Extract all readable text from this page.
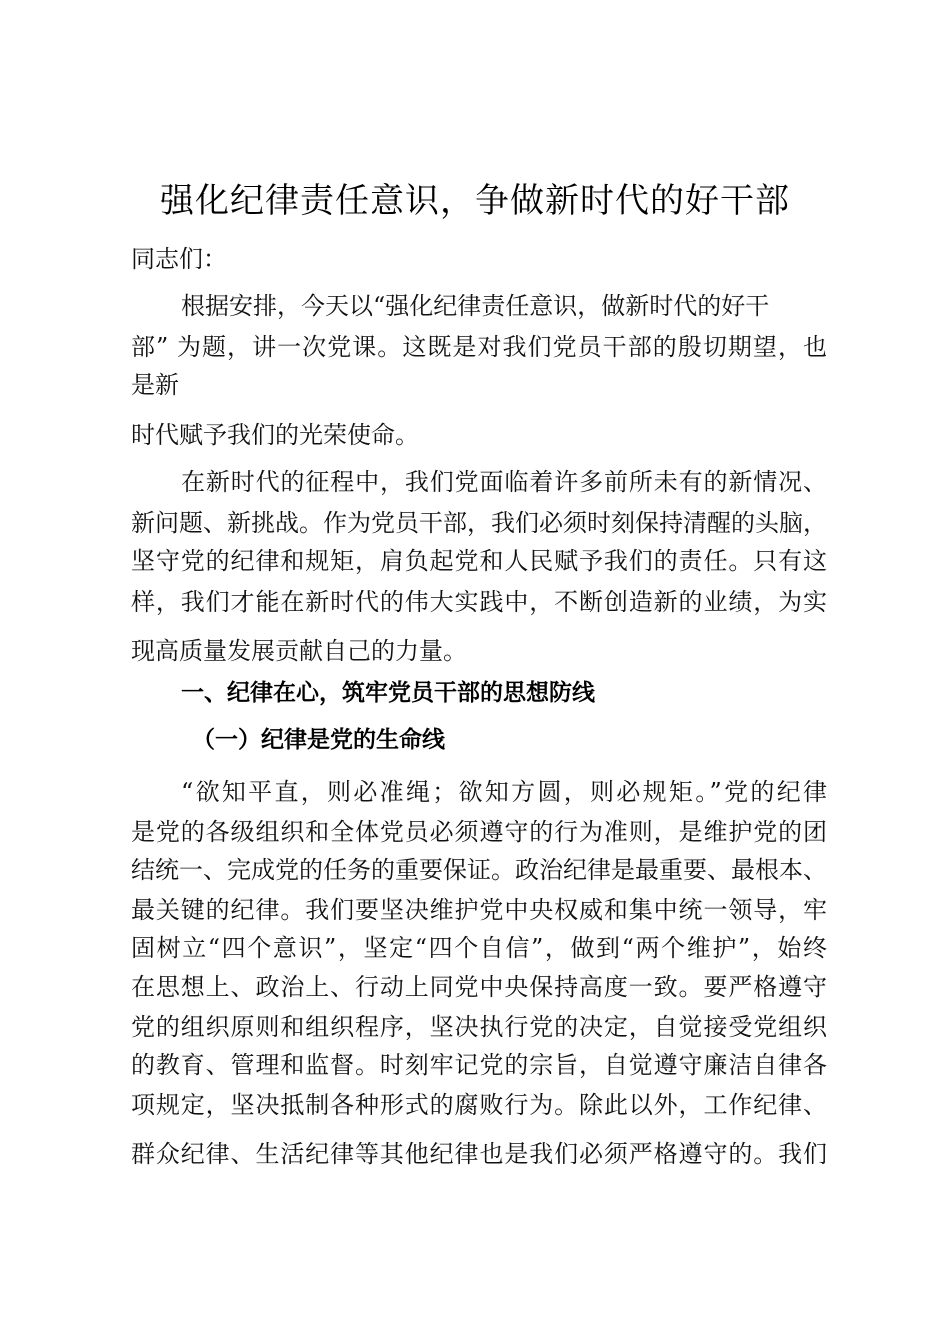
强化纪律责任意识，争做新时代的好干部
同志们：
根据安排，今天以“强化纪律责任意识，做新时代的好干
部” 为题，讲一次党课。这既是对我们党员干部的殷切期望，也
是新
时代赋予我们的光荣使命。
在新时代的征程中，我们党面临着许多前所未有的新情况、
新问题、新挑战。作为党员干部，我们必须时刻保持清醒的头脑，
坚守党的纪律和规矩，肩负起党和人民赋予我们的责任。只有这
样，我们才能在新时代的伟大实践中，不断创造新的业绩，为实
现高质量发展贡献自己的力量。
一、纪律在心，筑牢党员干部的思想防线
（一）纪律是党的生命线
“欲知平直，则必准绳；欲知方圆，则必规矩。”党的纪律
是党的各级组织和全体党员必须遵守的行为准则，是维护党的团
结统一、完成党的任务的重要保证。政治纪律是最重要、最根本、
最关键的纪律。我们要坚决维护党中央权威和集中统一领导，牢
固树立“四个意识”，坚定“四个自信”，做到“两个维护”，始终
在思想上、政治上、行动上同党中央保持高度一致。要严格遵守
党的组织原则和组织程序，坚决执行党的决定，自觉接受党组织
的教育、管理和监督。时刻牢记党的宗旨，自觉遵守廉洁自律各
项规定，坚决抵制各种形式的腐败行为。除此以外，工作纪律、
群众纪律、生活纪律等其他纪律也是我们必须严格遵守的。我们
